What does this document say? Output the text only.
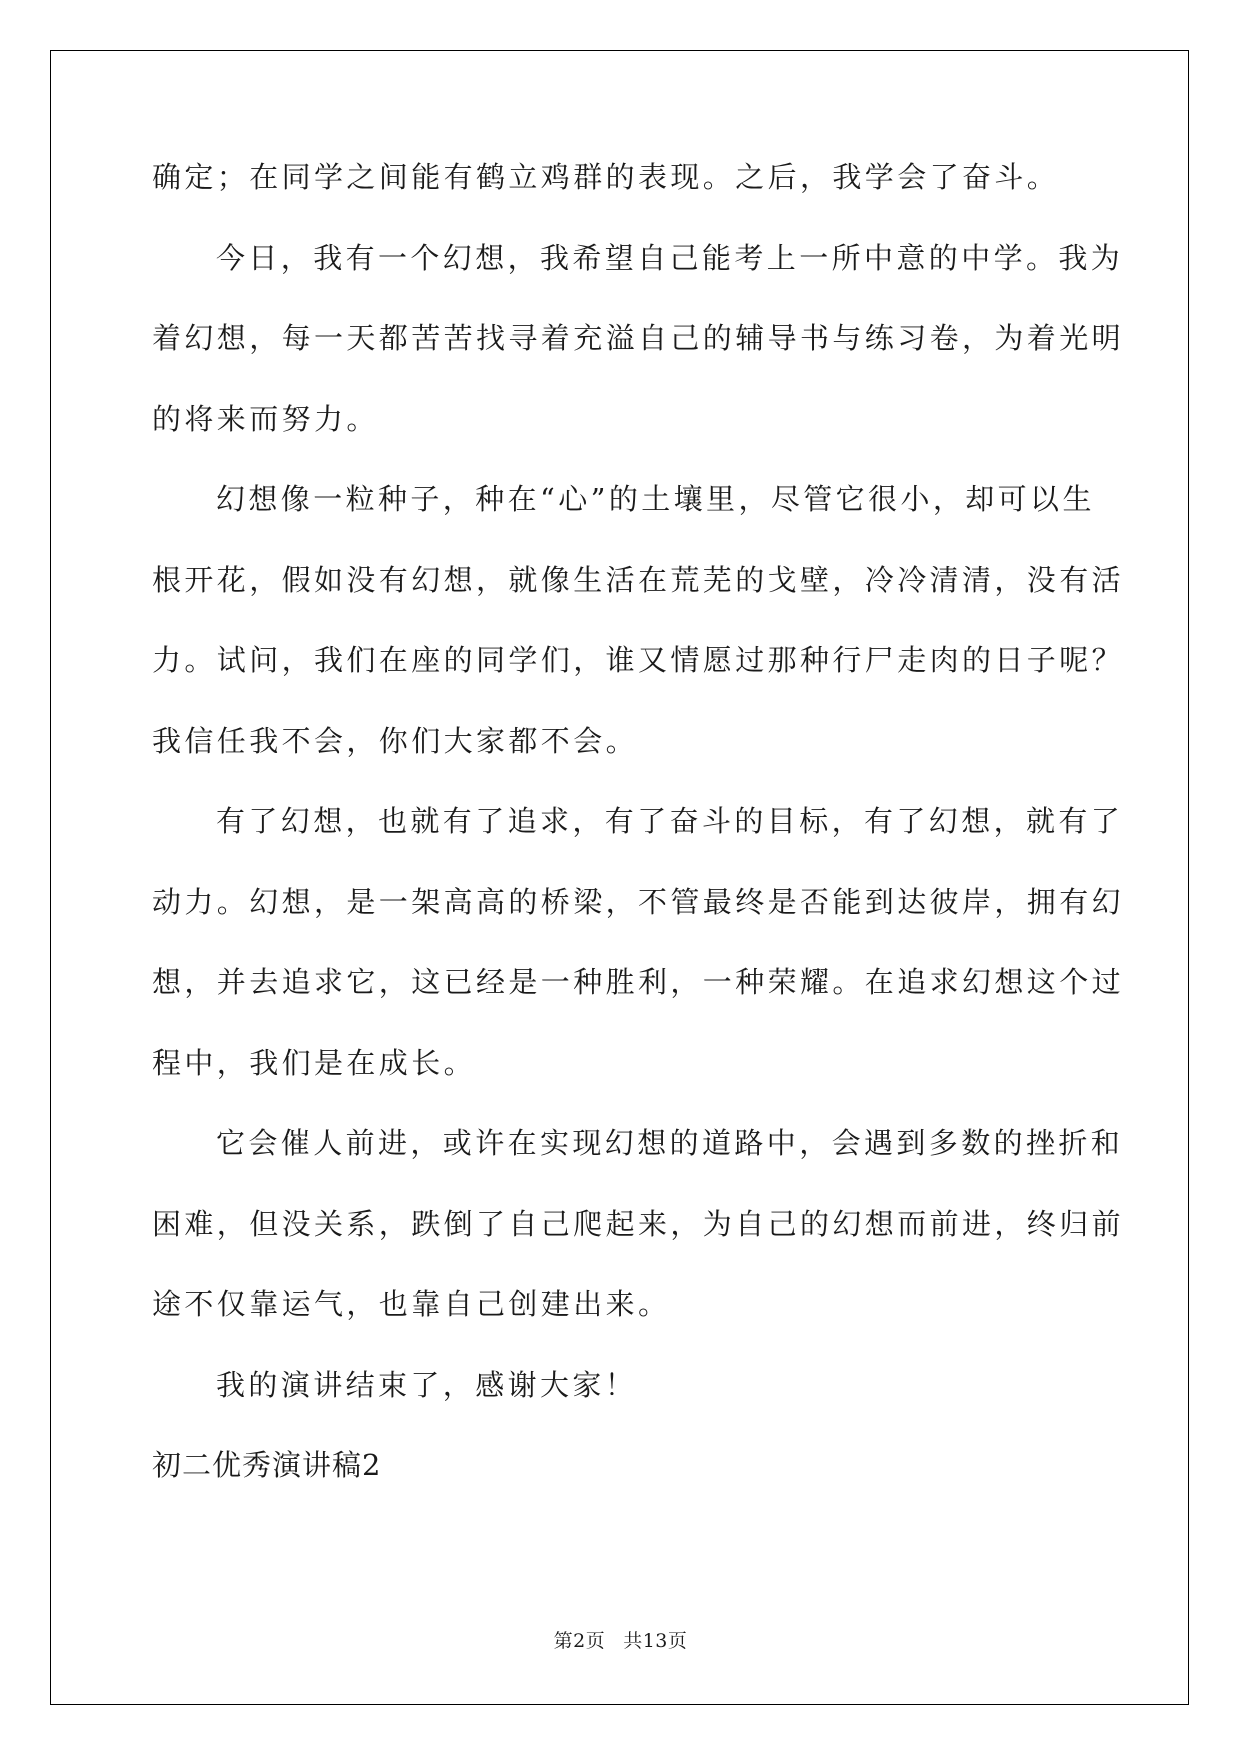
确定；在同学之间能有鹤立鸡群的表现。之后，我学会了奋斗。
今日，我有一个幻想，我希望自己能考上一所中意的中学。我为
着幻想，每一天都苦苦找寻着充溢自己的辅导书与练习卷，为着光明
的将来而努力。
幻想像一粒种子，种在“心”的土壤里，尽管它很小，却可以生
根开花，假如没有幻想，就像生活在荒芜的戈壁，冷冷清清，没有活
力。试问，我们在座的同学们，谁又情愿过那种行尸走肉的日子呢？
我信任我不会，你们大家都不会。
有了幻想，也就有了追求，有了奋斗的目标，有了幻想，就有了
动力。幻想，是一架高高的桥梁，不管最终是否能到达彼岸，拥有幻
想，并去追求它，这已经是一种胜利，一种荣耀。在追求幻想这个过
程中，我们是在成长。
它会催人前进，或许在实现幻想的道路中，会遇到多数的挫折和
困难，但没关系，跌倒了自己爬起来，为自己的幻想而前进，终归前
途不仅靠运气，也靠自己创建出来。
我的演讲结束了，感谢大家！
初二优秀演讲稿2
第2页 共13页
